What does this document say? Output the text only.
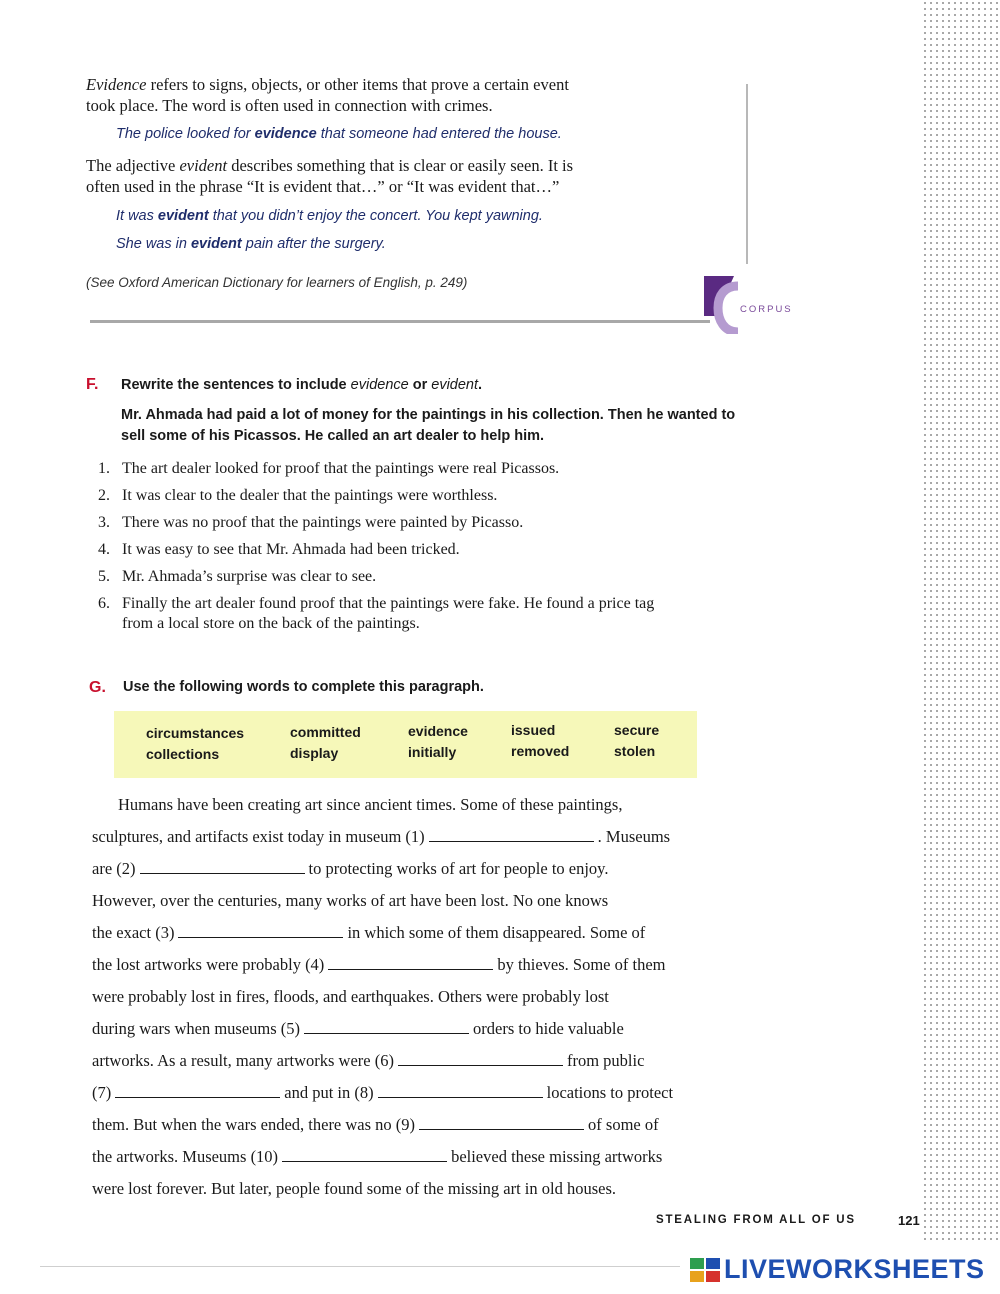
Evidence refers to signs, objects, or other items that prove a certain event

took place. The word is often used in connection with crimes.

The police looked for evidence that someone had entered the house.

The adjective evident describes something that is clear or easily seen. It is

often used in the phrase “It is evident that…” or “It was evident that…”

It was evident that you didn’t enjoy the concert. You kept yawning.

She was in evident pain after the surgery.

(See Oxford American Dictionary for learners of English, p. 249)

CORPUS
F. Rewrite the sentences to include evidence or evident.
Mr. Ahmada had paid a lot of money for the paintings in his collection. Then he wanted to sell some of his Picassos. He called an art dealer to help him.
1. The art dealer looked for proof that the paintings were real Picassos.
2. It was clear to the dealer that the paintings were worthless.
3. There was no proof that the paintings were painted by Picasso.
4. It was easy to see that Mr. Ahmada had been tricked.
5. Mr. Ahmada’s surprise was clear to see.
6. Finally the art dealer found proof that the paintings were fake. He found a price tag from a local store on the back of the paintings.
G. Use the following words to complete this paragraph.
circumstances	committed	evidence	issued	secure
collections	display	initially	removed	stolen
Humans have been creating art since ancient times. Some of these paintings,
sculptures, and artifacts exist today in museum (1)	. Museums
are (2)	to protecting works of art for people to enjoy.
However, over the centuries, many works of art have been lost. No one knows
the exact (3)	in which some of them disappeared. Some of
the lost artworks were probably (4)	by thieves. Some of them
were probably lost in fires, floods, and earthquakes. Others were probably lost
during wars when museums (5)	orders to hide valuable
artworks. As a result, many artworks were (6)	from public
(7)	and put in (8)	locations to protect
them. But when the wars ended, there was no (9)	of some of
the artworks. Museums (10)	believed these missing artworks
were lost forever. But later, people found some of the missing art in old houses.
STEALING FROM ALL OF US	121
LIVEWORKSHEETS
